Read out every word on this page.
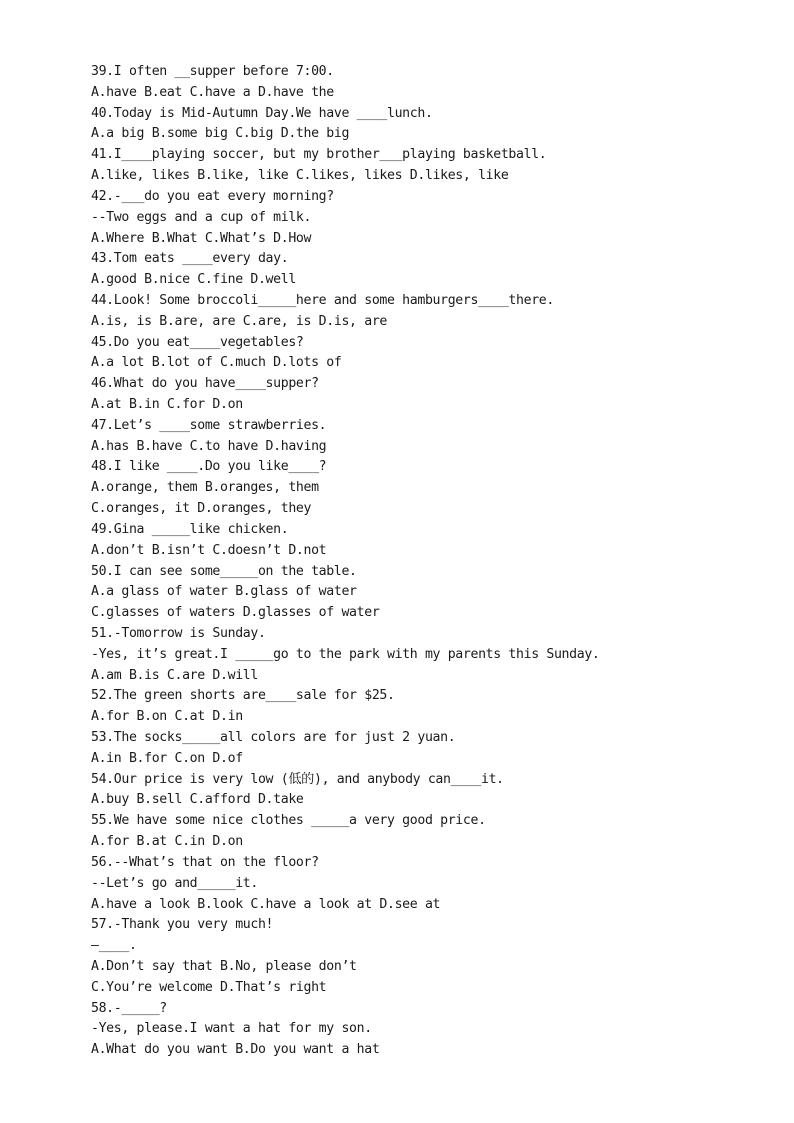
39.I often __supper before 7:00.
A.have B.eat C.have a D.have the
40.Today is Mid-Autumn Day.We have ____lunch.
A.a big B.some big C.big D.the big
41.I____playing soccer, but my brother___playing basketball.
A.like, likes B.like, like C.likes, likes D.likes, like
42.-___do you eat every morning?
--Two eggs and a cup of milk.
A.Where B.What C.What’s D.How
43.Tom eats ____every day.
A.good B.nice C.fine D.well
44.Look! Some broccoli_____here and some hamburgers____there.
A.is, is B.are, are C.are, is D.is, are
45.Do you eat____vegetables?
A.a lot B.lot of C.much D.lots of
46.What do you have____supper?
A.at B.in C.for D.on
47.Let’s ____some strawberries.
A.has B.have C.to have D.having
48.I like ____.Do you like____?
A.orange, them B.oranges, them
C.oranges, it D.oranges, they
49.Gina _____like chicken.
A.don’t B.isn’t C.doesn’t D.not
50.I can see some_____on the table.
A.a glass of water B.glass of water
C.glasses of waters D.glasses of water
51.-Tomorrow is Sunday.
-Yes, it’s great.I _____go to the park with my parents this Sunday.
A.am B.is C.are D.will
52.The green shorts are____sale for $25.
A.for B.on C.at D.in
53.The socks_____all colors are for just 2 yuan.
A.in B.for C.on D.of
54.Our price is very low (低的), and anybody can____it.
A.buy B.sell C.afford D.take
55.We have some nice clothes _____a very good price.
A.for B.at C.in D.on
56.--What’s that on the floor?
--Let’s go and_____it.
A.have a look B.look C.have a look at D.see at
57.-Thank you very much!
—____.
A.Don’t say that B.No, please don’t
C.You’re welcome D.That’s right
58.-_____?
-Yes, please.I want a hat for my son.
A.What do you want B.Do you want a hat
